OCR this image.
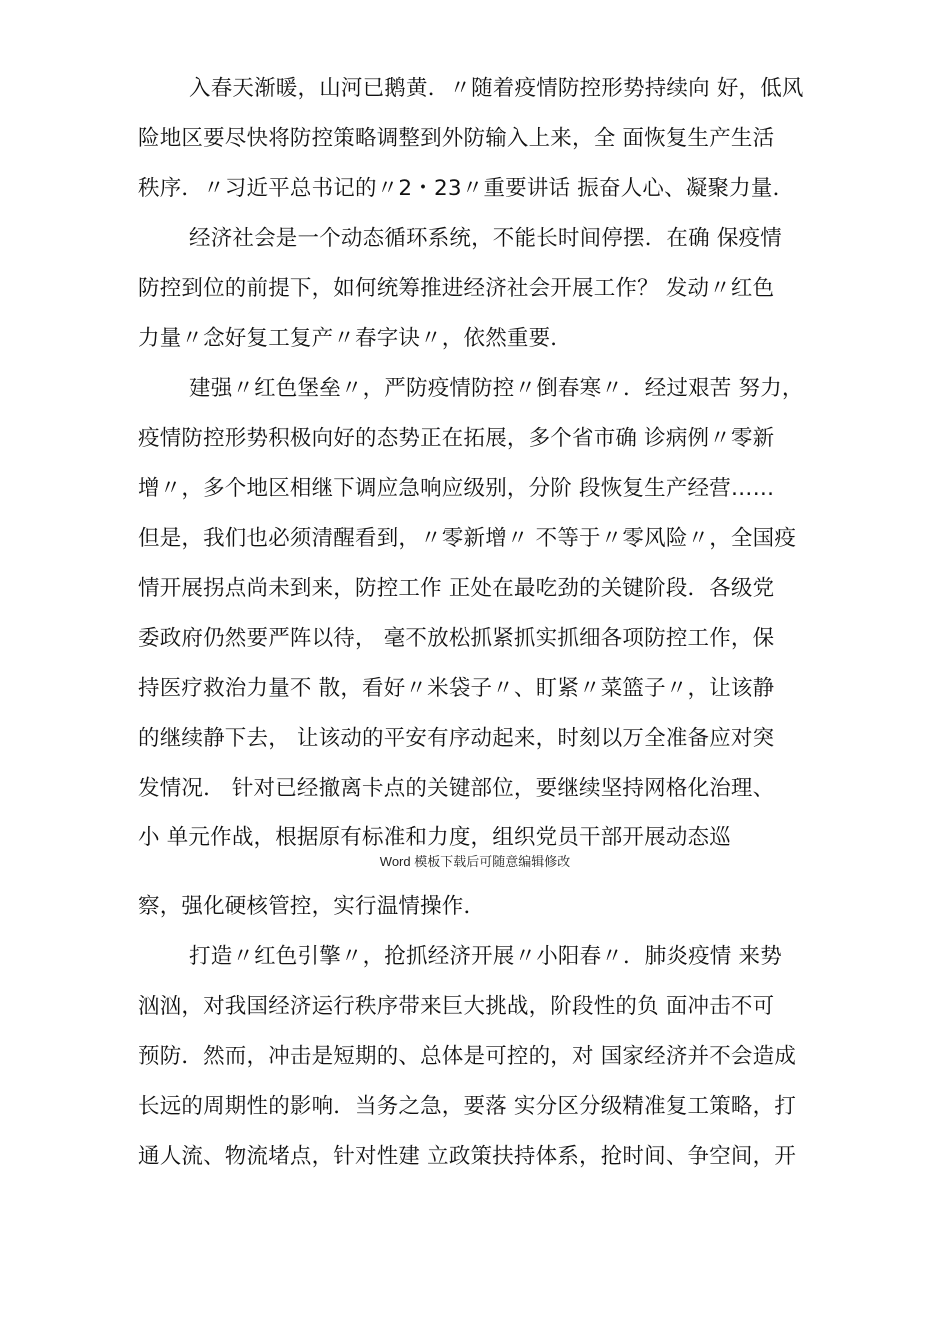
入春天渐暖，山河已鹅黄．〃随着疫情防控形势持续向 好，低风
险地区要尽快将防控策略调整到外防输入上来，全 面恢复生产生活
秩序．〃习近平总书记的〃2・23〃重要讲话 振奋人心、凝聚力量．
经济社会是一个动态循环系统，不能长时间停摆．在确 保疫情
防控到位的前提下，如何统筹推进经济社会开展工作？ 发动〃红色
力量〃念好复工复产〃春字诀〃，依然重要．
建强〃红色堡垒〃，严防疫情防控〃倒春寒〃．经过艰苦 努力，
疫情防控形势积极向好的态势正在拓展，多个省市确 诊病例〃零新
增〃，多个地区相继下调应急响应级别，分阶 段恢复生产经营……
但是，我们也必须清醒看到，〃零新增〃 不等于〃零风险〃，全国疫
情开展拐点尚未到来，防控工作 正处在最吃劲的关键阶段．各级党
委政府仍然要严阵以待， 毫不放松抓紧抓实抓细各项防控工作，保
持医疗救治力量不 散，看好〃米袋子〃、盯紧〃菜篮子〃，让该静
的继续静下去， 让该动的平安有序动起来，时刻以万全准备应对突
发情况． 针对已经撤离卡点的关键部位，要继续坚持网格化治理、
小 单元作战，根据原有标准和力度，组织党员干部开展动态巡
Word 模板下载后可随意编辑修改
察，强化硬核管控，实行温情操作．
打造〃红色引擎〃，抢抓经济开展〃小阳春〃．肺炎疫情 来势
汹汹，对我国经济运行秩序带来巨大挑战，阶段性的负 面冲击不可
预防．然而，冲击是短期的、总体是可控的，对 国家经济并不会造成
长远的周期性的影响．当务之急，要落 实分区分级精准复工策略，打
通人流、物流堵点，针对性建 立政策扶持体系，抢时间、争空间，开
